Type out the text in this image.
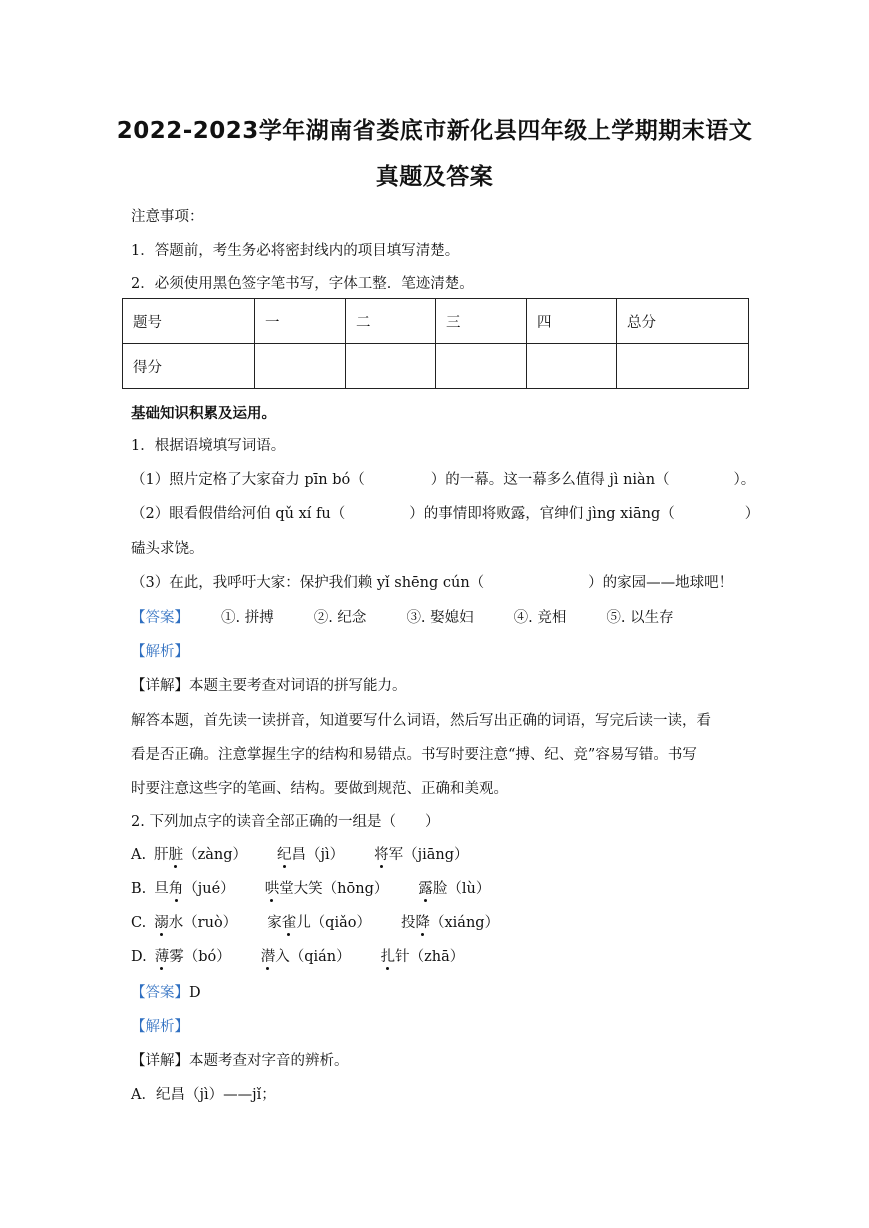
2022-2023学年湖南省娄底市新化县四年级上学期期末语文
真题及答案
注意事项：
1．答题前，考生务必将密封线内的项目填写清楚。
2．必须使用黑色签字笔书写，字体工整．笔迹清楚。
题号	一	二	三	四	总分
得分					
基础知识积累及运用。
1．根据语境填写词语。
（1）照片定格了大家奋力 pīn bó（	）的一幕。这一幕多么值得 jì niàn（	）。
（2）眼看假借给河伯 qǔ xí fu（	）的事情即将败露，官绅们 jìng xiāng（	）
磕头求饶。
（3）在此，我呼吁大家：保护我们赖 yǐ shēng cún（	）的家园——地球吧！
【答案】 ①. 拼搏	②. 纪念	③. 娶媳妇	④. 竞相	⑤. 以生存
【解析】
【详解】本题主要考查对词语的拼写能力。
解答本题，首先读一读拼音，知道要写什么词语，然后写出正确的词语，写完后读一读，看
看是否正确。注意掌握生字的结构和易错点。书写时要注意“搏、纪、竞”容易写错。书写
时要注意这些字的笔画、结构。要做到规范、正确和美观。
2. 下列加点字的读音全部正确的一组是（　　）
A. 肝脏（zàng） 纪昌（jì） 将军（jiāng）
B. 旦角（jué） 哄堂大笑（hōng） 露脸（lù）
C. 溺水（ruò） 家雀儿（qiǎo） 投降（xiáng）
D. 薄雾（bó） 潜入（qián） 扎针（zhā）
【答案】D
【解析】
【详解】本题考查对字音的辨析。
A．纪昌（jì）——jǐ；
